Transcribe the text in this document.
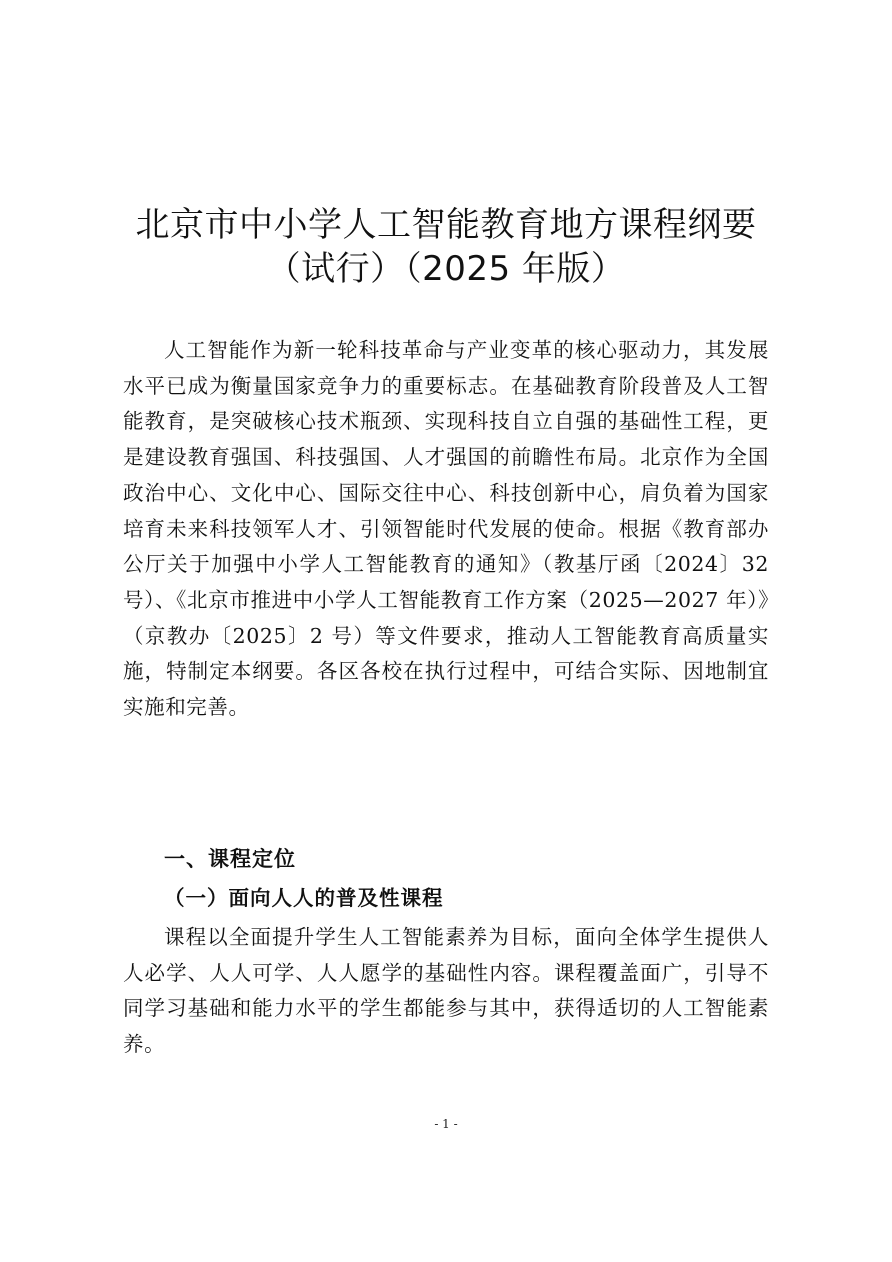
北京市中小学人工智能教育地方课程纲要
（试行）（2025 年版）

人工智能作为新一轮科技革命与产业变革的核心驱动力，其发展水平已成为衡量国家竞争力的重要标志。在基础教育阶段普及人工智能教育，是突破核心技术瓶颈、实现科技自立自强的基础性工程，更是建设教育强国、科技强国、人才强国的前瞻性布局。北京作为全国政治中心、文化中心、国际交往中心、科技创新中心，肩负着为国家培育未来科技领军人才、引领智能时代发展的使命。根据《教育部办公厅关于加强中小学人工智能教育的通知》（教基厅函〔2024〕32 号）、《北京市推进中小学人工智能教育工作方案（2025—2027 年）》（京教办〔2025〕2 号）等文件要求，推动人工智能教育高质量实施，特制定本纲要。各区各校在执行过程中，可结合实际、因地制宜实施和完善。

一、课程定位
（一）面向人人的普及性课程

课程以全面提升学生人工智能素养为目标，面向全体学生提供人人必学、人人可学、人人愿学的基础性内容。课程覆盖面广，引导不同学习基础和能力水平的学生都能参与其中，获得适切的人工智能素养。

- 1 -
